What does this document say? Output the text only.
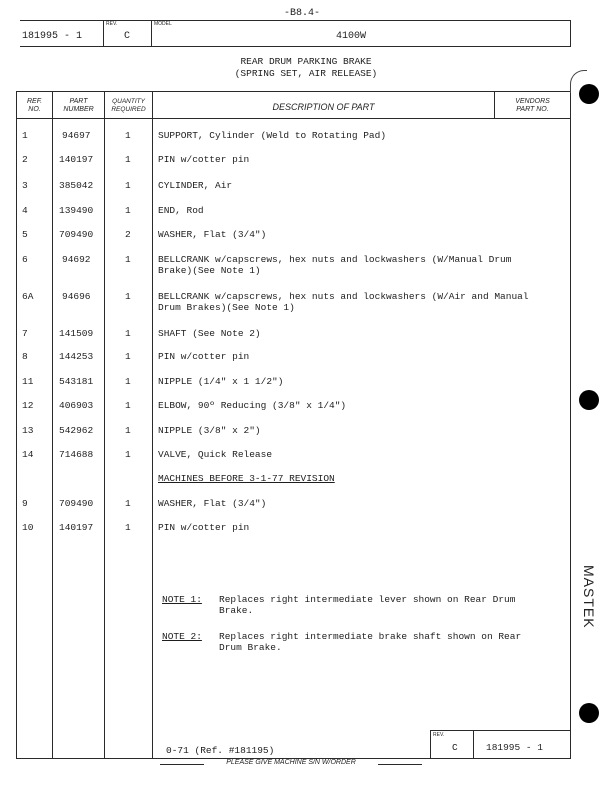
-B8.4-
181995 - 1
REV.
C
MODEL
4100W
REAR DRUM PARKING BRAKE
(SPRING SET, AIR RELEASE)
REF.
NO.
PART
NUMBER
QUANTITY
REQUIRED	DESCRIPTION OF PART
VENDORS
PART NO.
1	94697	1	SUPPORT, Cylinder (Weld to Rotating Pad)
2	140197	1	PIN w/cotter pin
3	385042	1	CYLINDER, Air
4	139490	1	END, Rod
5	709490	2	WASHER, Flat (3/4")
6	94692	1	BELLCRANK w/capscrews, hex nuts and lockwashers (W/Manual Drum Brake)(See Note 1)
6A	94696	1	BELLCRANK w/capscrews, hex nuts and lockwashers (W/Air and Manual Drum Brakes)(See Note 1)
7	141509	1	SHAFT (See Note 2)
8	144253	1	PIN w/cotter pin
11	543181	1	NIPPLE (1/4" x 1 1/2")
12	406903	1	ELBOW, 90º Reducing (3/8" x 1/4")
13	542962	1	NIPPLE (3/8" x 2")
14	714688	1	VALVE, Quick Release
MACHINES BEFORE 3-1-77 REVISION
9	709490	1	WASHER, Flat (3/4")
10	140197	1	PIN w/cotter pin
NOTE 1: Replaces right intermediate lever shown on Rear Drum Brake.
NOTE 2: Replaces right intermediate brake shaft shown on Rear Drum Brake.
REV.
C	181995 - 1
0-71 (Ref. #181195)
PLEASE GIVE MACHINE S/N W/ORDER
MASTEK
